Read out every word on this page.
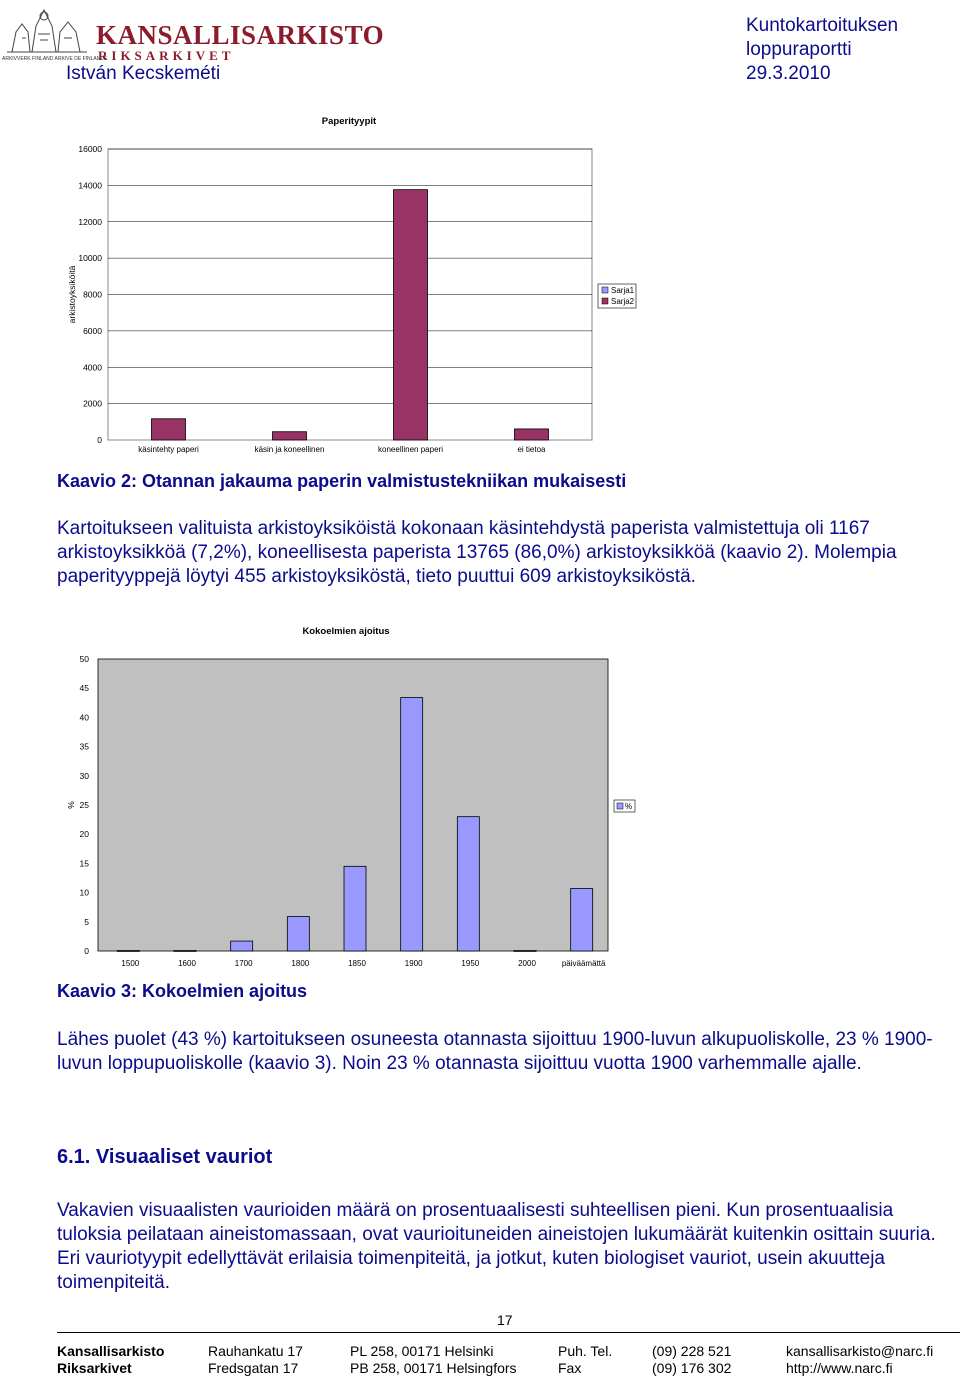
KANSALLISARKISTO
RIKSARKIVET
ARKIVVERK FINLAND ARKIVE DE FINLANDE
István Kecskeméti
Kuntokartoituksen
loppuraportti
29.3.2010
0
2000
4000
6000
8000
10000
12000
14000
16000
arkistoyksiköitä
Paperityypit
käsintehty paperi	käsin ja koneellinen	koneellinen paperi	ei tietoa
Sarja1
Sarja2
Kaavio 2: Otannan jakauma paperin valmistustekniikan mukaisesti
Kartoitukseen valituista arkistoyksiköistä kokonaan käsintehdystä paperista valmistettuja oli 1167 arkistoyksikköä (7,2%), koneellisesta paperista 13765 (86,0%) arkistoyksikköä (kaavio 2). Molempia paperityyppejä löytyi 455 arkistoyksiköstä, tieto puuttui 609 arkistoyksiköstä.
0
5
10
15
20
25
30
35
40
45
50
%
Kokoelmien ajoitus
1500	1600	1700	1800	1850	1900	1950	2000	päiväämättä
%
Kaavio 3: Kokoelmien ajoitus
Lähes puolet (43 %) kartoitukseen osuneesta otannasta sijoittuu 1900-luvun alkupuoliskolle, 23 % 1900-luvun loppupuoliskolle (kaavio 3). Noin 23 % otannasta sijoittuu vuotta 1900 varhemmalle ajalle.
6.1. Visuaaliset vauriot
Vakavien visuaalisten vaurioiden määrä on prosentuaalisesti suhteellisen pieni. Kun prosentuaalisia tuloksia peilataan aineistomassaan, ovat vaurioituneiden aineistojen lukumäärät kuitenkin osittain suuria. Eri vauriotyypit edellyttävät erilaisia toimenpiteitä, ja jotkut, kuten biologiset vauriot, usein akuutteja toimenpiteitä.
17
Kansallisarkisto	Rauhankatu 17	PL 258, 00171 Helsinki	Puh. Tel.	(09) 228 521	kansallisarkisto@narc.fi
Riksarkivet	Fredsgatan 17	PB 258, 00171 Helsingfors	Fax	(09) 176 302	http://www.narc.fi
